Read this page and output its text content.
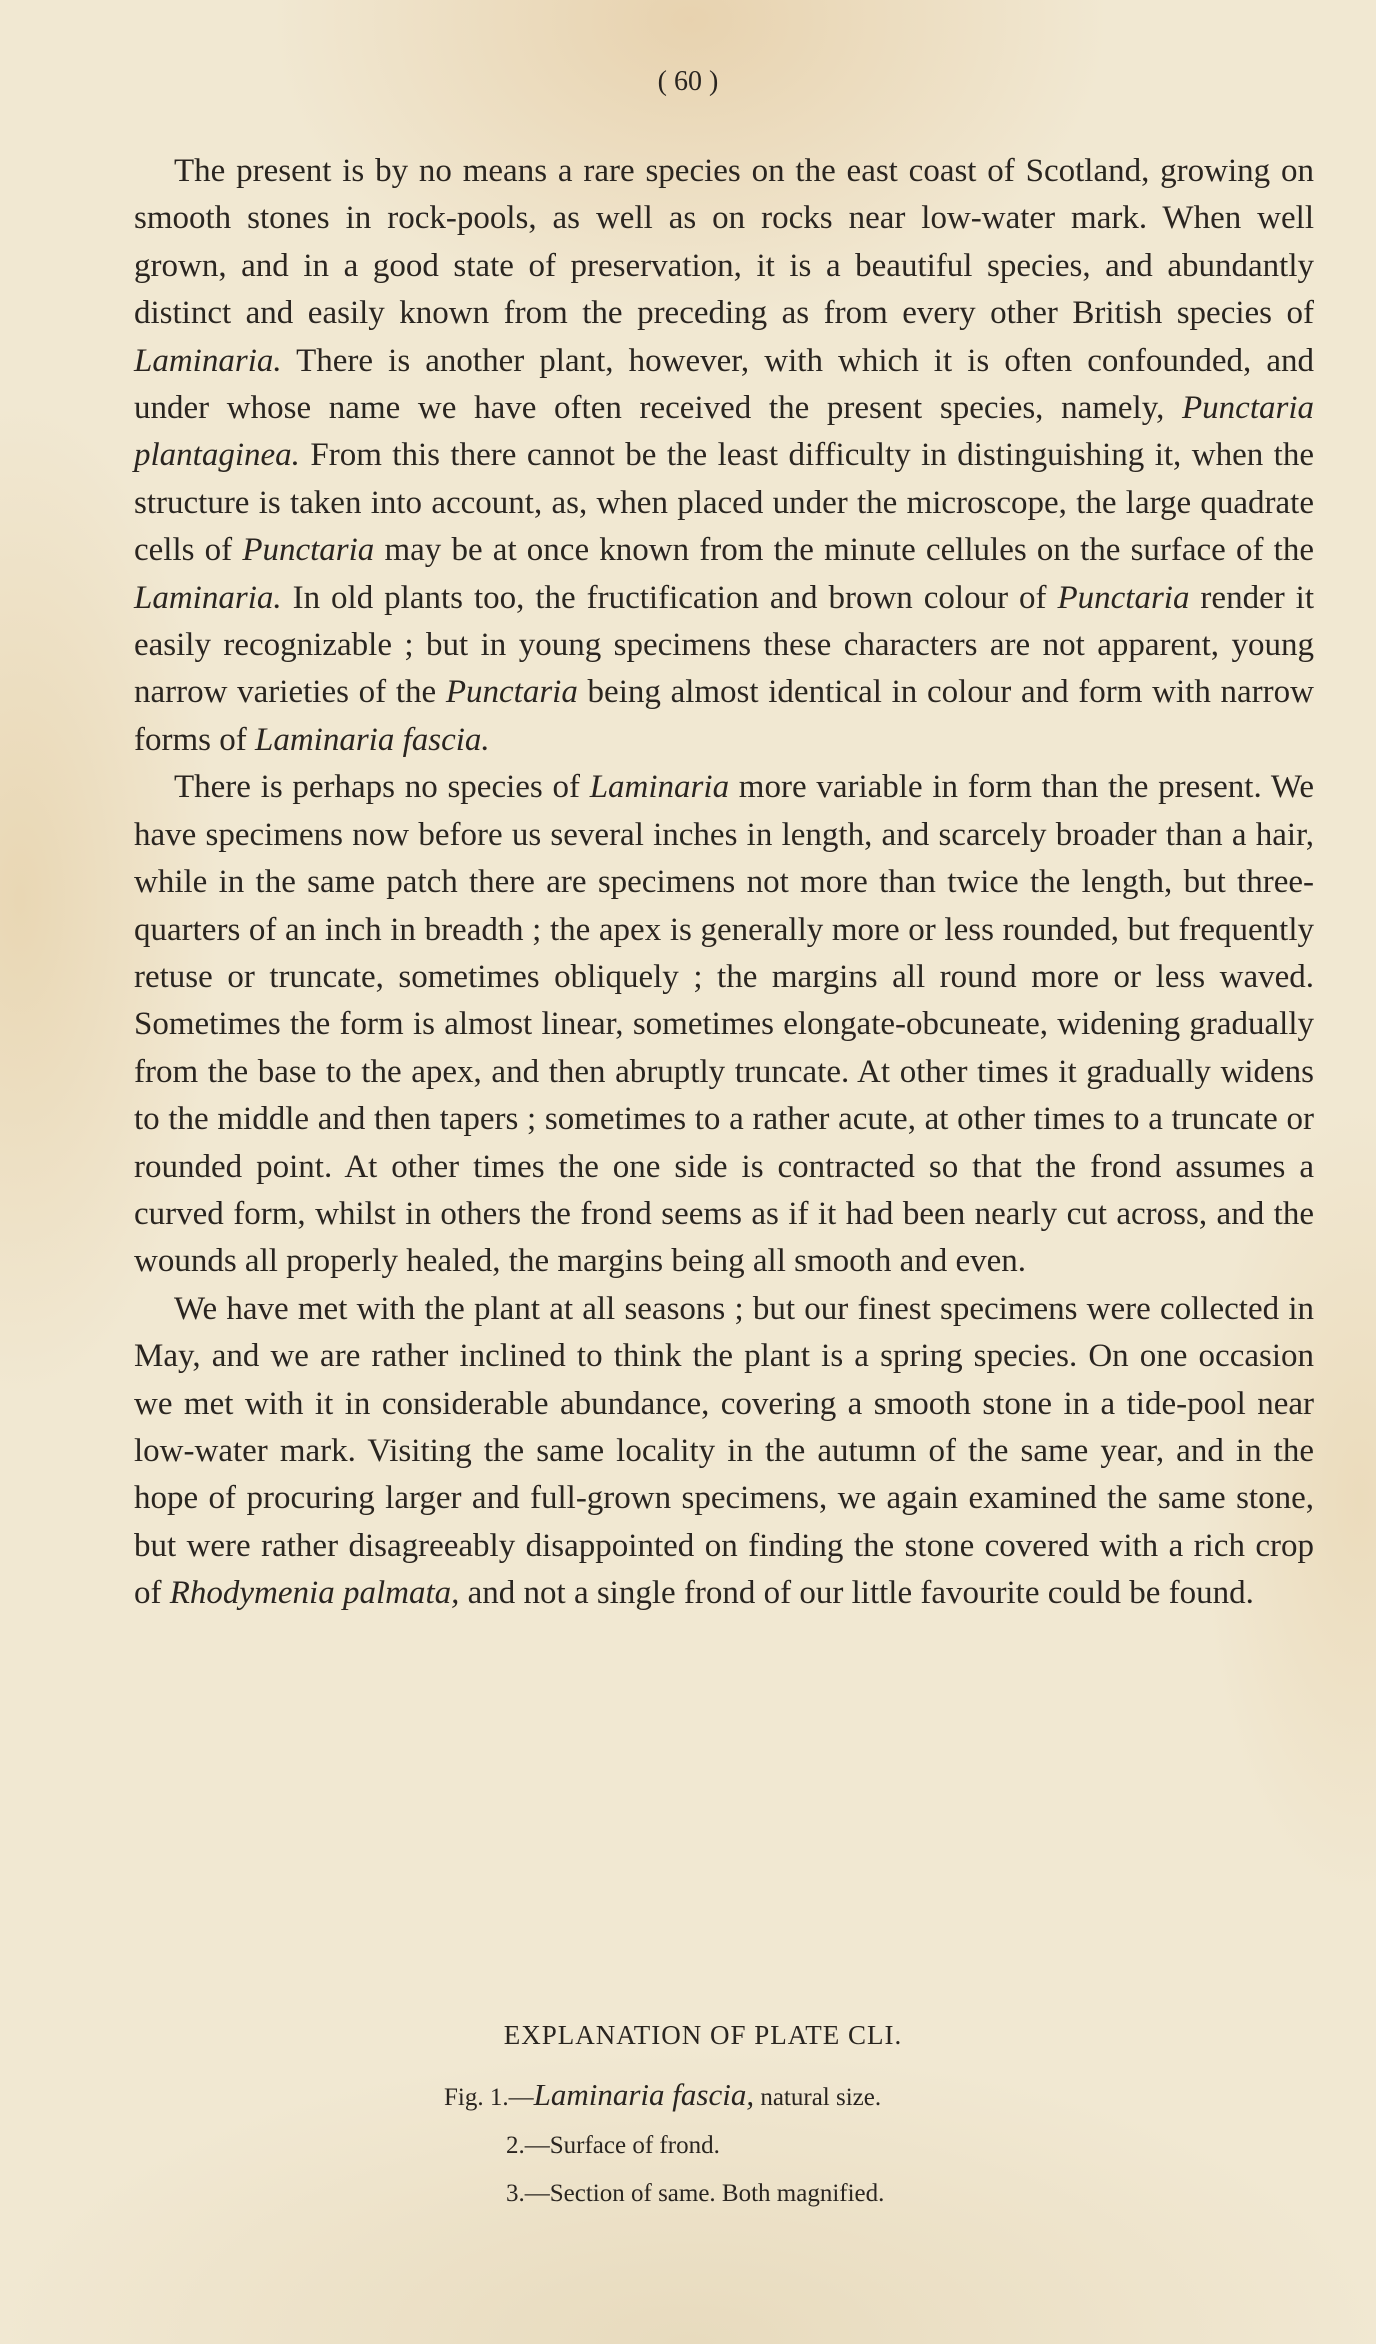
( 60 )

The present is by no means a rare species on the east coast of Scotland, growing on smooth stones in rock-pools, as well as on rocks near low-water mark. When well grown, and in a good state of preservation, it is a beautiful species, and abundantly distinct and easily known from the preceding as from every other British species of Laminaria. There is another plant, however, with which it is often confounded, and under whose name we have often received the present species, namely, Punctaria plantaginea. From this there cannot be the least difficulty in distinguishing it, when the structure is taken into account, as, when placed under the microscope, the large quadrate cells of Punctaria may be at once known from the minute cellules on the surface of the Laminaria. In old plants too, the fructification and brown colour of Punctaria render it easily recognizable ; but in young specimens these characters are not apparent, young narrow varieties of the Punctaria being almost identical in colour and form with narrow forms of Laminaria fascia.

There is perhaps no species of Laminaria more variable in form than the present. We have specimens now before us several inches in length, and scarcely broader than a hair, while in the same patch there are specimens not more than twice the length, but three-quarters of an inch in breadth ; the apex is generally more or less rounded, but frequently retuse or truncate, sometimes obliquely ; the margins all round more or less waved. Sometimes the form is almost linear, sometimes elongate-obcuneate, widening gradually from the base to the apex, and then abruptly truncate. At other times it gradually widens to the middle and then tapers ; sometimes to a rather acute, at other times to a truncate or rounded point. At other times the one side is contracted so that the frond assumes a curved form, whilst in others the frond seems as if it had been nearly cut across, and the wounds all properly healed, the margins being all smooth and even.

We have met with the plant at all seasons ; but our finest specimens were collected in May, and we are rather inclined to think the plant is a spring species. On one occasion we met with it in considerable abundance, covering a smooth stone in a tide-pool near low-water mark. Visiting the same locality in the autumn of the same year, and in the hope of procuring larger and full-grown specimens, we again examined the same stone, but were rather disagreeably disappointed on finding the stone covered with a rich crop of Rhodymenia palmata, and not a single frond of our little favourite could be found.

EXPLANATION OF PLATE CLI.
Fig. 1.—Laminaria fascia, natural size.
2.—Surface of frond.
3.—Section of same. Both magnified.
